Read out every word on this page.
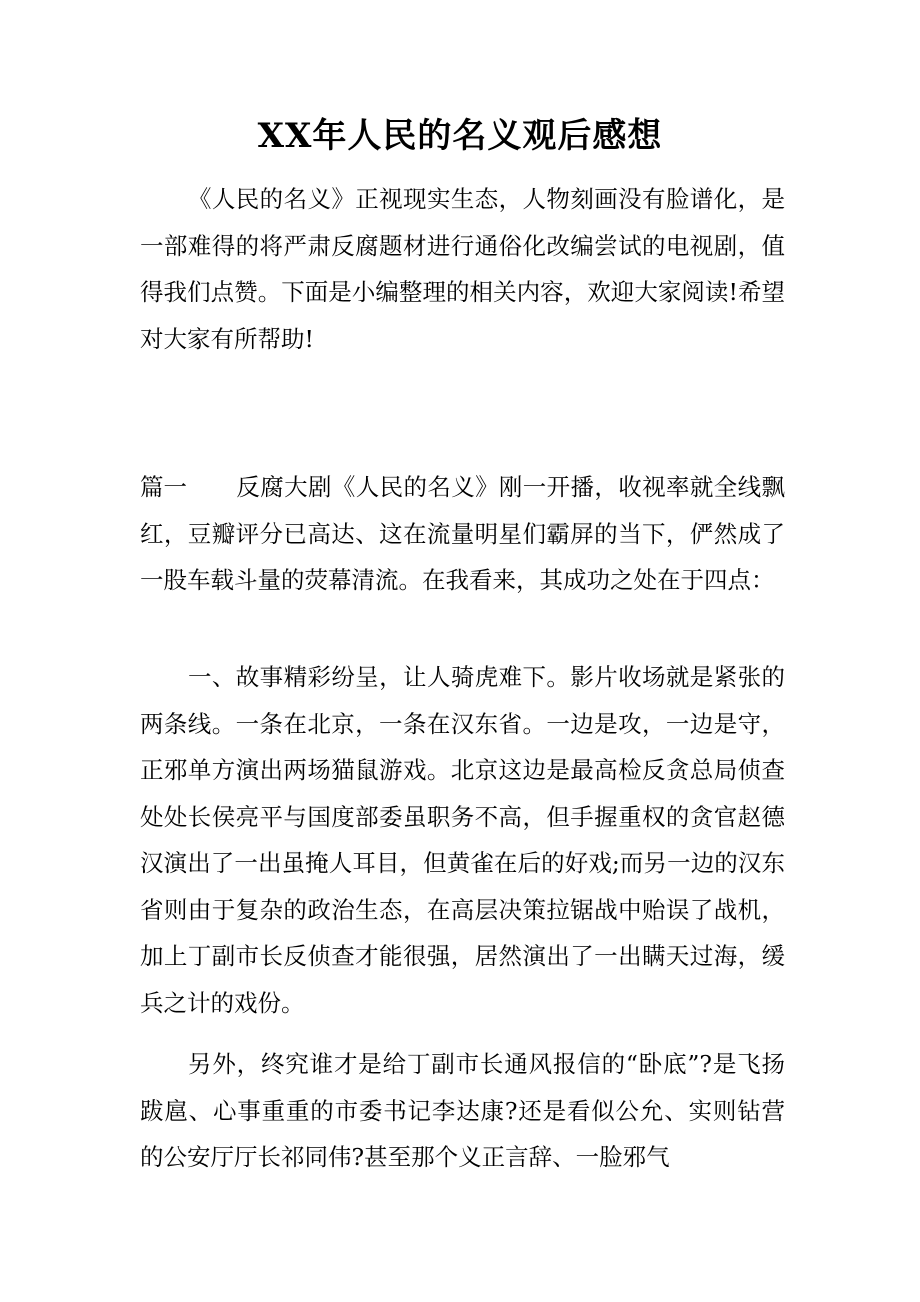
XX年人民的名义观后感想

《人民的名义》正视现实生态，人物刻画没有脸谱化，是一部难得的将严肃反腐题材进行通俗化改编尝试的电视剧，值得我们点赞。下面是小编整理的相关内容，欢迎大家阅读!希望对大家有所帮助!

篇一 反腐大剧《人民的名义》刚一开播，收视率就全线飘红，豆瓣评分已高达、这在流量明星们霸屏的当下，俨然成了一股车载斗量的荧幕清流。在我看来，其成功之处在于四点：

一、故事精彩纷呈，让人骑虎难下。影片收场就是紧张的两条线。一条在北京，一条在汉东省。一边是攻，一边是守，正邪单方演出两场猫鼠游戏。北京这边是最高检反贪总局侦查处处长侯亮平与国度部委虽职务不高，但手握重权的贪官赵德汉演出了一出虽掩人耳目，但黄雀在后的好戏;而另一边的汉东省则由于复杂的政治生态，在高层决策拉锯战中贻误了战机，加上丁副市长反侦查才能很强，居然演出了一出瞒天过海，缓兵之计的戏份。

另外，终究谁才是给丁副市长通风报信的“卧底”?是飞扬跋扈、心事重重的市委书记李达康?还是看似公允、实则钻营的公安厅厅长祁同伟?甚至那个义正言辞、一脸邪气
